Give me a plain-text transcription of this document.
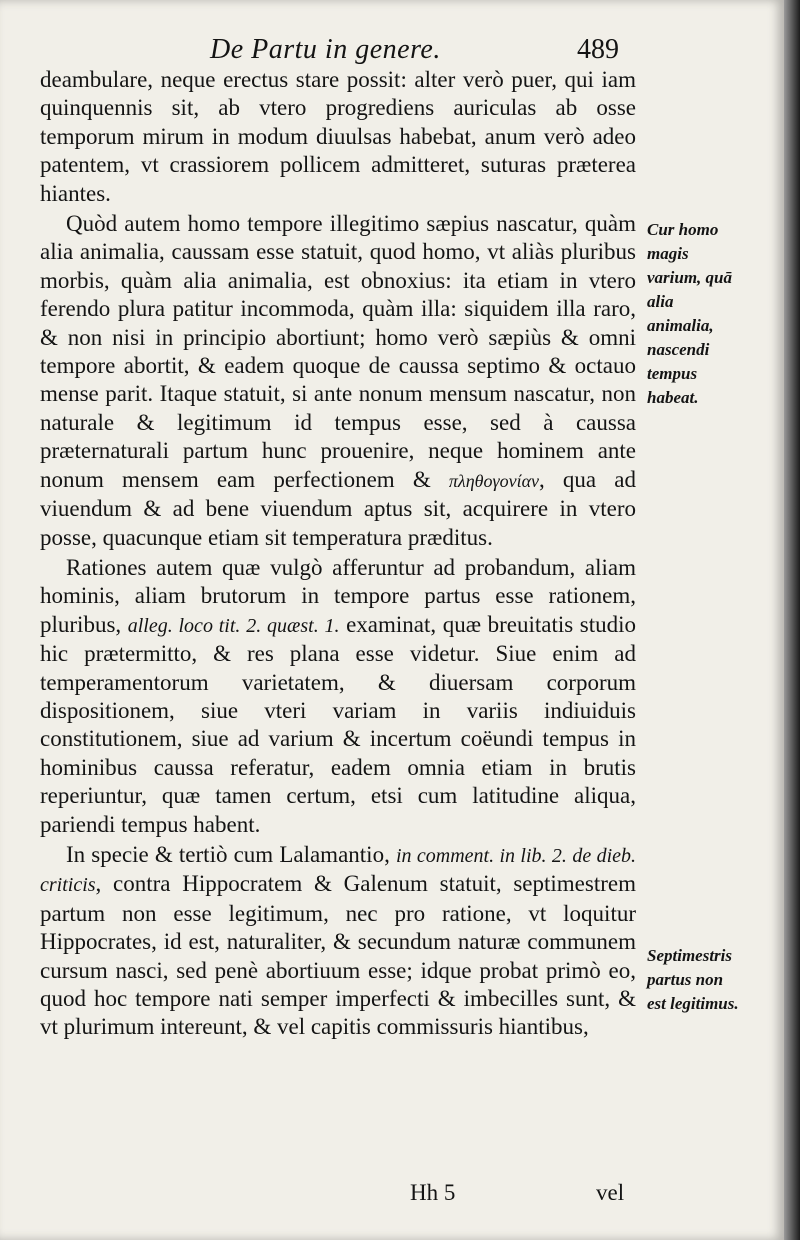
De Partu in genere.	489

deambulare, neque erectus stare possit: alter verò puer, qui iam quinquennis sit, ab vtero progrediens auriculas ab osse temporum mirum in modum diuulsas habebat, anum verò adeo patentem, vt crassiorem pollicem admitteret, suturas præterea hiantes.

Quòd autem homo tempore illegitimo sæpius nascatur, quàm alia animalia, caussam esse statuit, quod homo, vt aliàs pluribus morbis, quàm alia animalia, est obnoxius: ita etiam in vtero ferendo plura patitur incommoda, quàm illa: siquidem illa raro, & non nisi in principio abortiunt; homo verò sæpiùs & omni tempore abortit, & eadem quoque de caussa septimo & octauo mense parit. Itaque statuit, si ante nonum mensum nascatur, non naturale & legitimum id tempus esse, sed à caussa præternaturali partum hunc prouenire, neque hominem ante nonum mensem eam perfectionem & πληθογονίαν, qua ad viuendum & ad bene viuendum aptus sit, acquirere in vtero posse, quacunque etiam sit temperatura præditus.

Rationes autem quæ vulgò afferuntur ad probandum, aliam hominis, aliam brutorum in tempore partus esse rationem, pluribus, alleg. loco tit. 2. quæst. 1. examinat, quæ breuitatis studio hic prætermitto, & res plana esse videtur. Siue enim ad temperamentorum varietatem, & diuersam corporum dispositionem, siue vteri variam in variis indiuiduis constitutionem, siue ad varium & incertum coëundi tempus in hominibus caussa referatur, eadem omnia etiam in brutis reperiuntur, quæ tamen certum, etsi cum latitudine aliqua, pariendi tempus habent.

In specie & tertiò cum Lalamantio, in comment. in lib. 2. de dieb. criticis, contra Hippocratem & Galenum statuit, septimestrem partum non esse legitimum, nec pro ratione, vt loquitur Hippocrates, id est, naturaliter, & secundum naturæ communem cursum nasci, sed penè abortiuum esse; idque probat primò eo, quod hoc tempore nati semper imperfecti & imbecilles sunt, & vt plurimum intereunt, & vel capitis commissuris hiantibus,

Cur homo magis varium, quā alia animalia, nascendi tempus habeat.
Septimestris partus non est legitimus.
Hh 5	vel
